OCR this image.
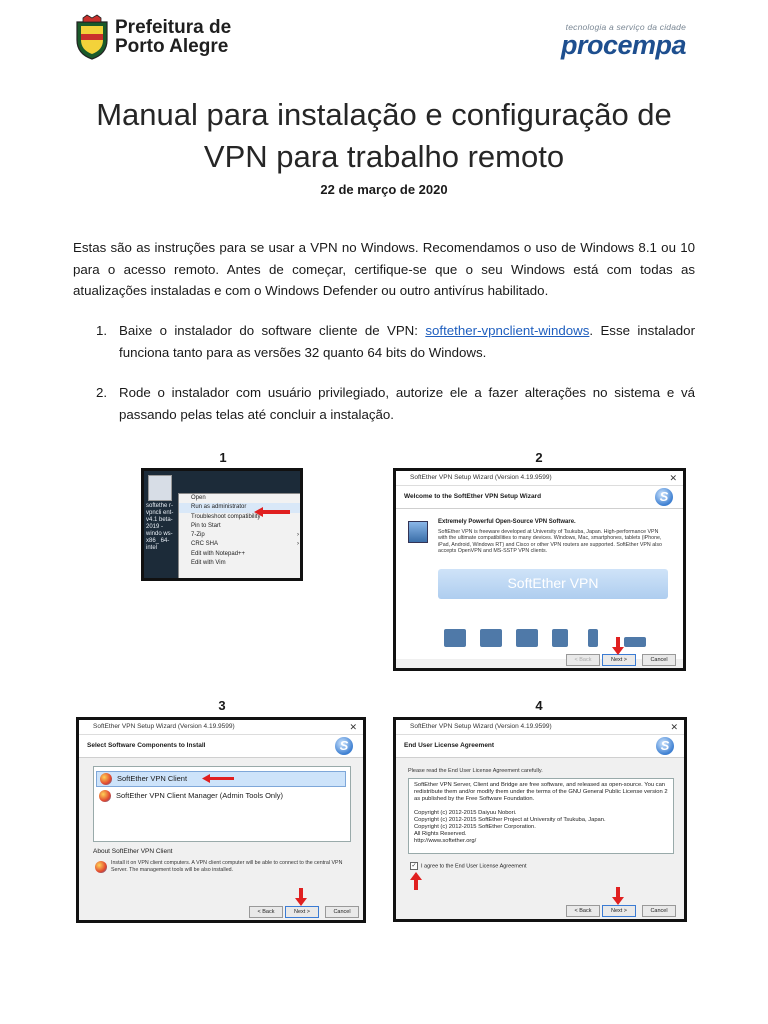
Prefeitura de
Porto Alegre
tecnologia a serviço da cidade
procempa
Manual para instalação e configuração de
VPN para trabalho remoto
22 de março de 2020
Estas são as instruções para se usar a VPN no Windows. Recomendamos o uso de Windows 8.1 ou 10 para o acesso remoto. Antes de começar, certifique-se que o seu Windows está com todas as atualizações instaladas e com o Windows Defender ou outro antivírus habilitado.
1. Baixe o instalador do software cliente de VPN: softether-vpnclient-windows. Esse instalador funciona tanto para as versões 32 quanto 64 bits do Windows.
2. Rode o instalador com usuário privilegiado, autorize ele a fazer alterações no sistema e vá passando pelas telas até concluir a instalação.
1	2
3	4
softethe r-vpncli ent-v4.1 beta-2019 -windo ws-x86_ 64-intel
Open
Run as administrator
Troubleshoot compatibility
Pin to Start
7-Zip ›
CRC SHA ›
Edit with Notepad++
Edit with Vim
SoftEther VPN Setup Wizard (Version 4.19.9599)	✕
Welcome to the SoftEther VPN Setup Wizard	S
Extremely Powerful Open-Source VPN Software.
SoftEther VPN is freeware developed at University of Tsukuba, Japan. High-performance VPN with the ultimate compatibilities to many devices. Windows, Mac, smartphones, tablets (iPhone, iPad, Android, Windows RT) and Cisco or other VPN routers are supported. SoftEther VPN also accepts OpenVPN and MS-SSTP VPN clients.
SoftEther VPN
< Back	Next >	Cancel
SoftEther VPN Setup Wizard (Version 4.19.9599)	✕
Select Software Components to Install	S
SoftEther VPN Client
SoftEther VPN Client Manager (Admin Tools Only)
About SoftEther VPN Client
Install it on VPN client computers. A VPN client computer will be able to connect to the central VPN Server. The management tools will be also installed.
< Back	Next >	Cancel
SoftEther VPN Setup Wizard (Version 4.19.9599)	✕
End User License Agreement	S
Please read the End User License Agreement carefully.
SoftEther VPN Server, Client and Bridge are free software, and released as open-source. You can redistribute them and/or modify them under the terms of the GNU General Public License version 2 as published by the Free Software Foundation.

Copyright (c) 2012-2015 Daiyuu Nobori.
Copyright (c) 2012-2015 SoftEther Project at University of Tsukuba, Japan.
Copyright (c) 2012-2015 SoftEther Corporation.
All Rights Reserved.
http://www.softether.org/
✓ I agree to the End User License Agreement
< Back	Next >	Cancel
